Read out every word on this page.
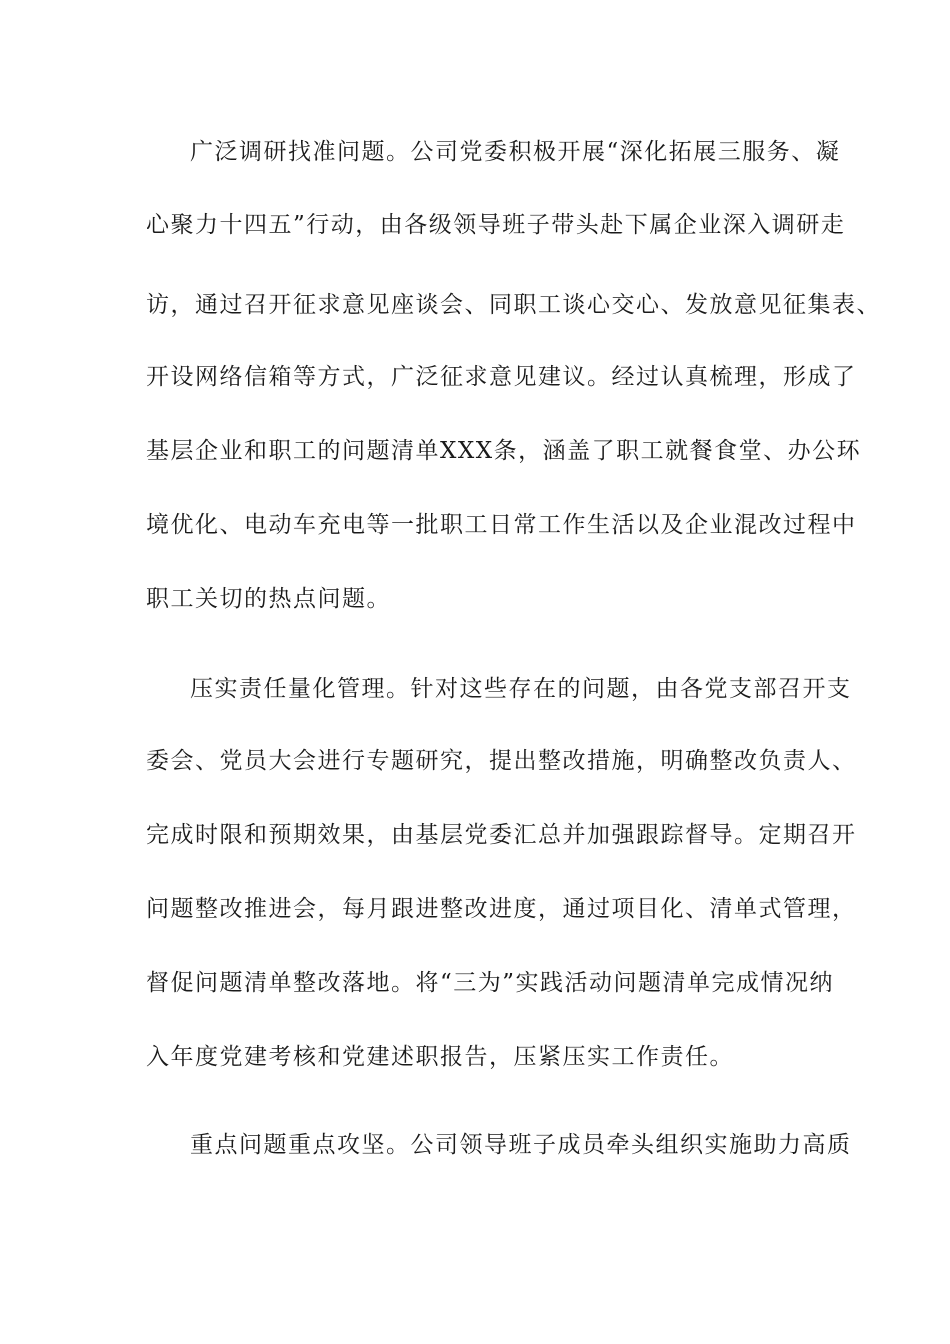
广泛调研找准问题。公司党委积极开展“深化拓展三服务、凝
心聚力十四五”行动，由各级领导班子带头赴下属企业深入调研走
访，通过召开征求意见座谈会、同职工谈心交心、发放意见征集表、
开设网络信箱等方式，广泛征求意见建议。经过认真梳理，形成了
基层企业和职工的问题清单XXX条，涵盖了职工就餐食堂、办公环
境优化、电动车充电等一批职工日常工作生活以及企业混改过程中
职工关切的热点问题。
压实责任量化管理。针对这些存在的问题，由各党支部召开支
委会、党员大会进行专题研究，提出整改措施，明确整改负责人、
完成时限和预期效果，由基层党委汇总并加强跟踪督导。定期召开
问题整改推进会，每月跟进整改进度，通过项目化、清单式管理，
督促问题清单整改落地。将“三为”实践活动问题清单完成情况纳
入年度党建考核和党建述职报告，压紧压实工作责任。
重点问题重点攻坚。公司领导班子成员牵头组织实施助力高质
